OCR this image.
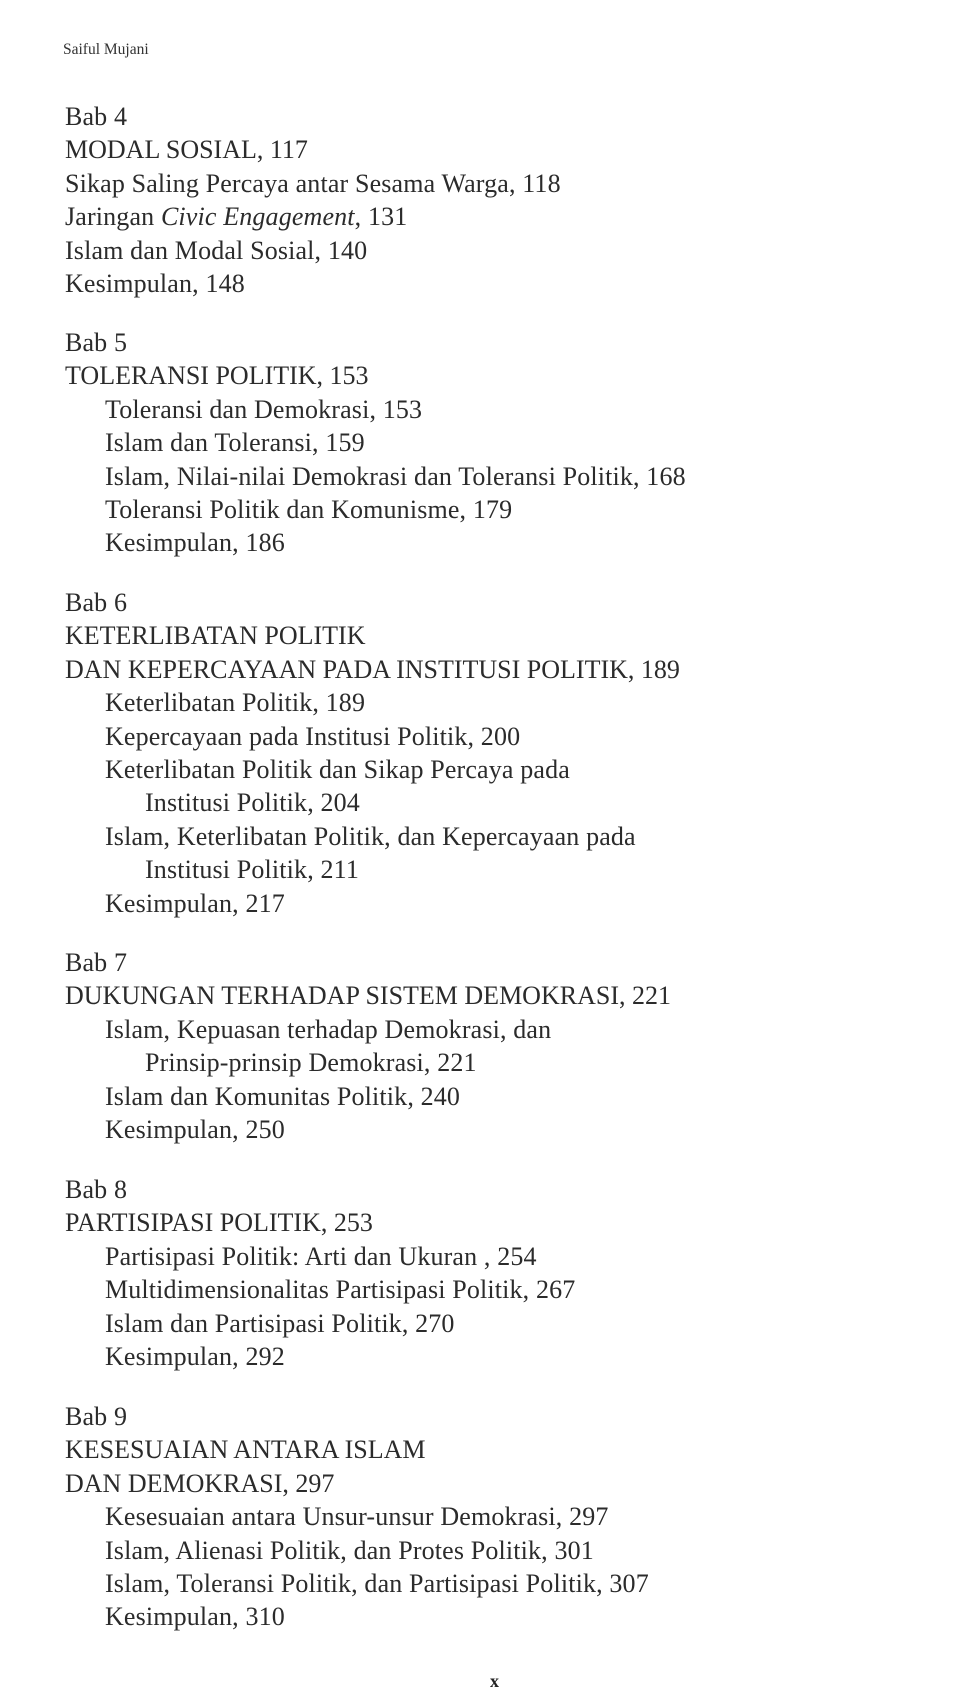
Saiful Mujani
Bab 4
MODAL SOSIAL, 117
Sikap Saling Percaya antar Sesama Warga, 118
Jaringan Civic Engagement, 131
Islam dan Modal Sosial, 140
Kesimpulan, 148
Bab 5
TOLERANSI POLITIK, 153
Toleransi dan Demokrasi, 153
Islam dan Toleransi, 159
Islam, Nilai-nilai Demokrasi dan Toleransi Politik, 168
Toleransi Politik dan Komunisme, 179
Kesimpulan, 186
Bab 6
KETERLIBATAN POLITIK
DAN KEPERCAYAAN PADA INSTITUSI POLITIK, 189
Keterlibatan Politik, 189
Kepercayaan pada Institusi Politik, 200
Keterlibatan Politik dan Sikap Percaya pada
Institusi Politik, 204
Islam, Keterlibatan Politik, dan Kepercayaan pada
Institusi Politik, 211
Kesimpulan, 217
Bab 7
DUKUNGAN TERHADAP SISTEM DEMOKRASI, 221
Islam, Kepuasan terhadap Demokrasi, dan
Prinsip-prinsip Demokrasi, 221
Islam dan Komunitas Politik, 240
Kesimpulan, 250
Bab 8
PARTISIPASI POLITIK, 253
Partisipasi Politik: Arti dan Ukuran , 254
Multidimensionalitas Partisipasi Politik, 267
Islam dan Partisipasi Politik, 270
Kesimpulan, 292
Bab 9
KESESUAIAN ANTARA ISLAM
DAN DEMOKRASI, 297
Kesesuaian antara Unsur-unsur Demokrasi, 297
Islam, Alienasi Politik, dan Protes Politik, 301
Islam, Toleransi Politik, dan Partisipasi Politik, 307
Kesimpulan, 310
x
